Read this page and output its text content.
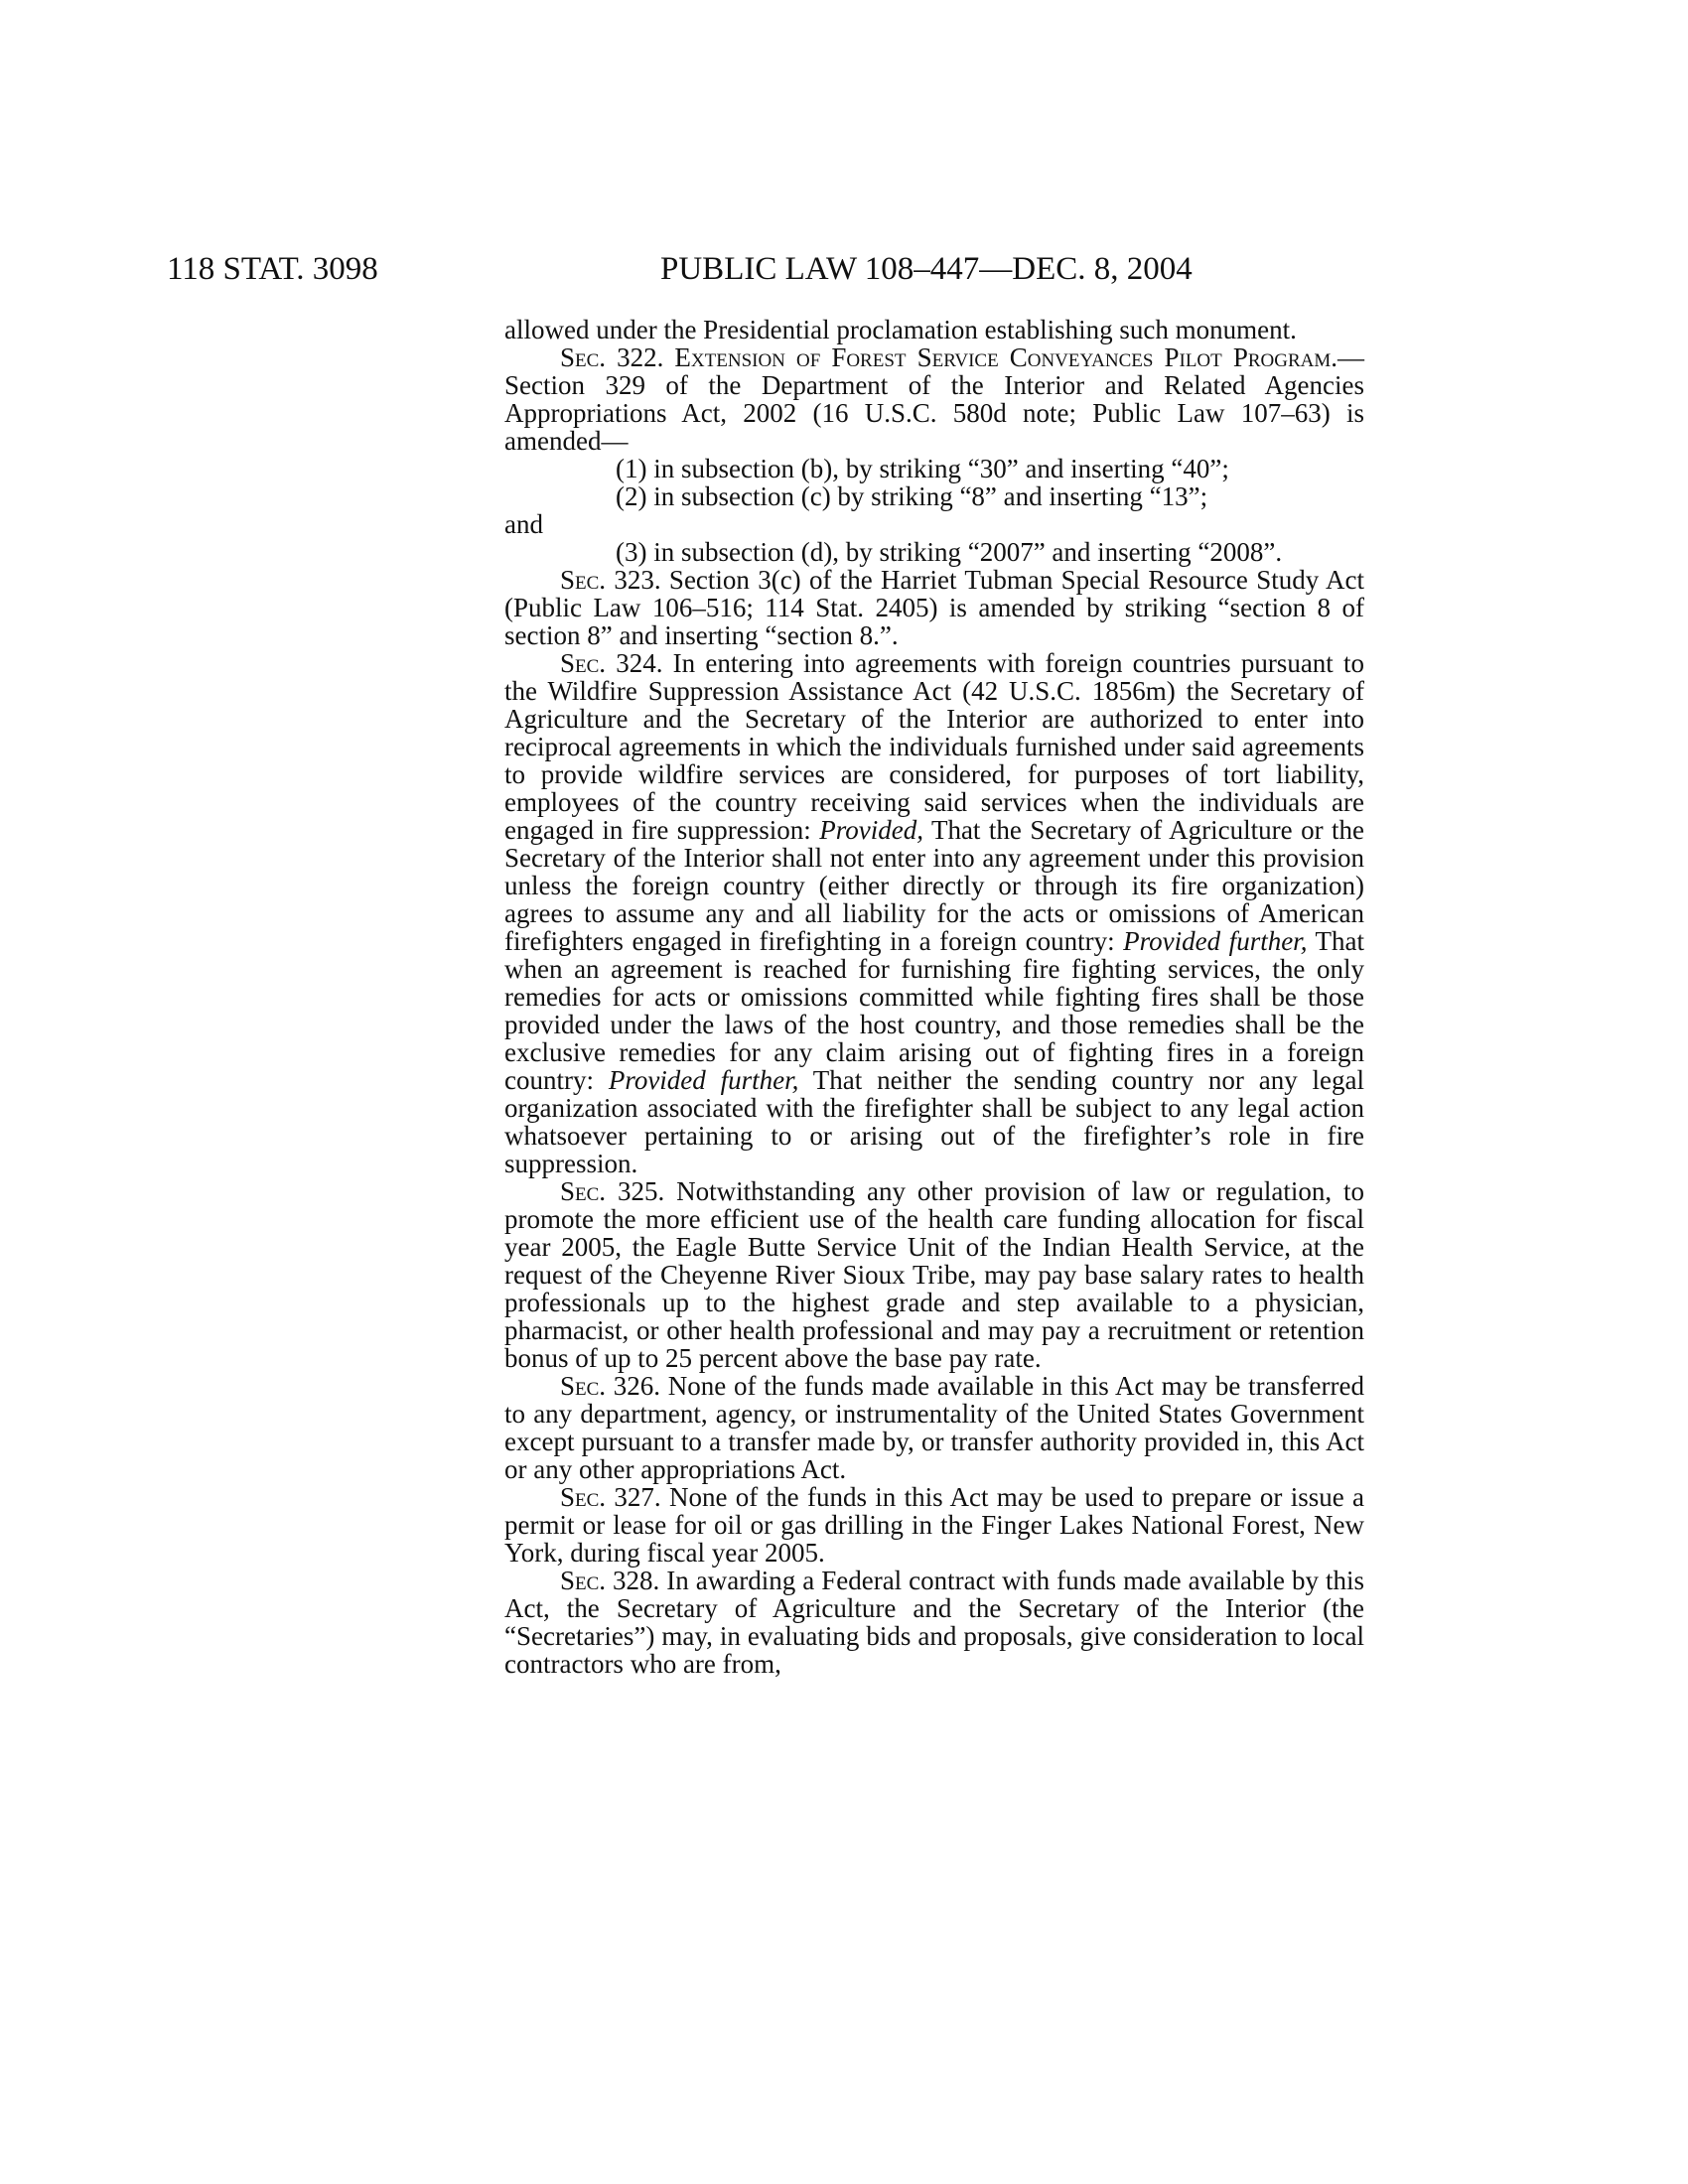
118 STAT. 3098	PUBLIC LAW 108–447—DEC. 8, 2004

allowed under the Presidential proclamation establishing such monument.

Sec. 322. Extension of Forest Service Conveyances Pilot Program.—Section 329 of the Department of the Interior and Related Agencies Appropriations Act, 2002 (16 U.S.C. 580d note; Public Law 107–63) is amended—

(1) in subsection (b), by striking “30” and inserting “40”;

(2) in subsection (c) by striking “8” and inserting “13”;
and

(3) in subsection (d), by striking “2007” and inserting “2008”.

Sec. 323. Section 3(c) of the Harriet Tubman Special Resource Study Act (Public Law 106–516; 114 Stat. 2405) is amended by striking “section 8 of section 8” and inserting “section 8.”.

Sec. 324. In entering into agreements with foreign countries pursuant to the Wildfire Suppression Assistance Act (42 U.S.C. 1856m) the Secretary of Agriculture and the Secretary of the Interior are authorized to enter into reciprocal agreements in which the individuals furnished under said agreements to provide wildfire services are considered, for purposes of tort liability, employees of the country receiving said services when the individuals are engaged in fire suppression: Provided, That the Secretary of Agriculture or the Secretary of the Interior shall not enter into any agreement under this provision unless the foreign country (either directly or through its fire organization) agrees to assume any and all liability for the acts or omissions of American firefighters engaged in firefighting in a foreign country: Provided further, That when an agreement is reached for furnishing fire fighting services, the only remedies for acts or omissions committed while fighting fires shall be those provided under the laws of the host country, and those remedies shall be the exclusive remedies for any claim arising out of fighting fires in a foreign country: Provided further, That neither the sending country nor any legal organization associated with the firefighter shall be subject to any legal action whatsoever pertaining to or arising out of the firefighter’s role in fire suppression.

Sec. 325. Notwithstanding any other provision of law or regulation, to promote the more efficient use of the health care funding allocation for fiscal year 2005, the Eagle Butte Service Unit of the Indian Health Service, at the request of the Cheyenne River Sioux Tribe, may pay base salary rates to health professionals up to the highest grade and step available to a physician, pharmacist, or other health professional and may pay a recruitment or retention bonus of up to 25 percent above the base pay rate.

Sec. 326. None of the funds made available in this Act may be transferred to any department, agency, or instrumentality of the United States Government except pursuant to a transfer made by, or transfer authority provided in, this Act or any other appropriations Act.

Sec. 327. None of the funds in this Act may be used to prepare or issue a permit or lease for oil or gas drilling in the Finger Lakes National Forest, New York, during fiscal year 2005.

Sec. 328. In awarding a Federal contract with funds made available by this Act, the Secretary of Agriculture and the Secretary of the Interior (the “Secretaries”) may, in evaluating bids and proposals, give consideration to local contractors who are from,
